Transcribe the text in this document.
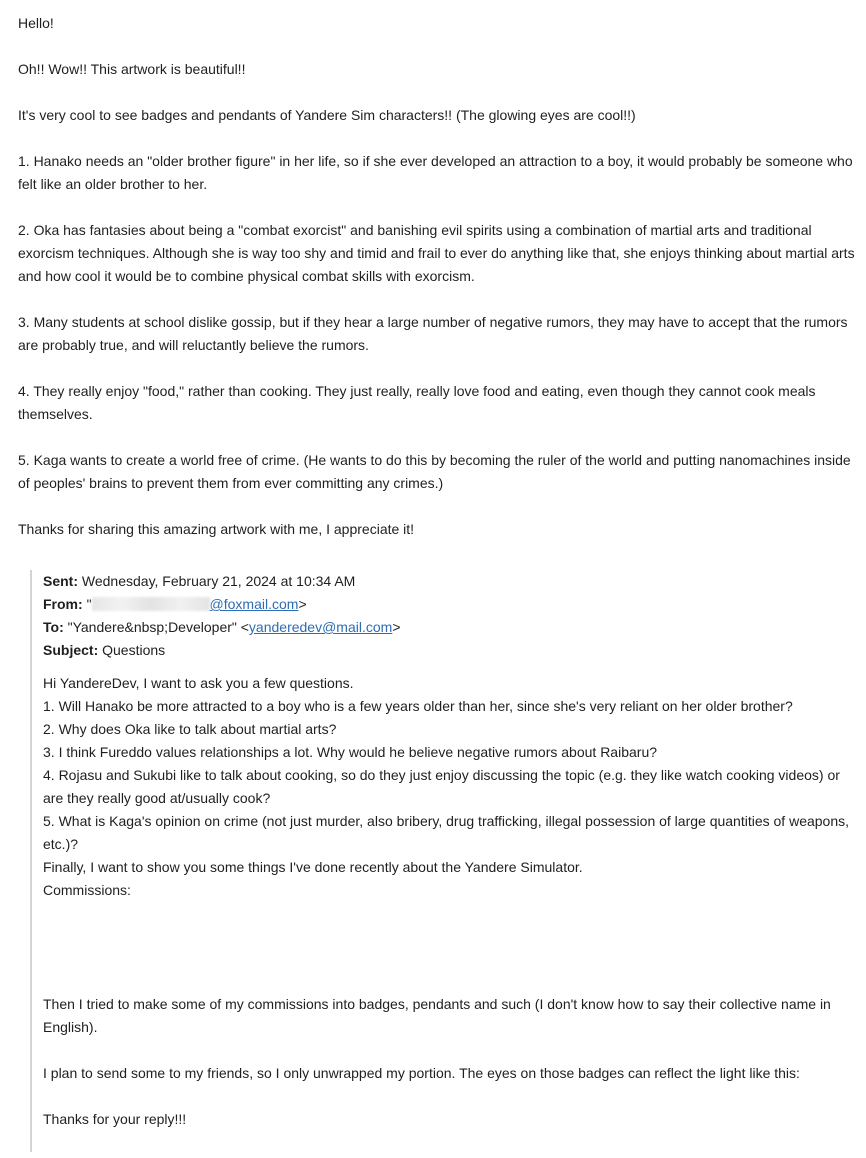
Hello!

Oh!! Wow!! This artwork is beautiful!!

It's very cool to see badges and pendants of Yandere Sim characters!! (The glowing eyes are cool!!)

1. Hanako needs an "older brother figure" in her life, so if she ever developed an attraction to a boy, it would probably be someone who felt like an older brother to her.

2. Oka has fantasies about being a "combat exorcist" and banishing evil spirits using a combination of martial arts and traditional exorcism techniques. Although she is way too shy and timid and frail to ever do anything like that, she enjoys thinking about martial arts and how cool it would be to combine physical combat skills with exorcism.

3. Many students at school dislike gossip, but if they hear a large number of negative rumors, they may have to accept that the rumors are probably true, and will reluctantly believe the rumors.

4. They really enjoy "food," rather than cooking. They just really, really love food and eating, even though they cannot cook meals themselves.

5. Kaga wants to create a world free of crime. (He wants to do this by becoming the ruler of the world and putting nanomachines inside of peoples' brains to prevent them from ever committing any crimes.)

Thanks for sharing this amazing artwork with me, I appreciate it!

Sent: Wednesday, February 21, 2024 at 10:34 AM
From: "	@foxmail.com>
To: "Yandere&nbsp;Developer" <yanderedev@mail.com>
Subject: Questions
Hi YandereDev, I want to ask you a few questions.
1. Will Hanako be more attracted to a boy who is a few years older than her, since she's very reliant on her older brother?
2. Why does Oka like to talk about martial arts?
3. I think Fureddo values relationships a lot. Why would he believe negative rumors about Raibaru?
4. Rojasu and Sukubi like to talk about cooking, so do they just enjoy discussing the topic (e.g. they like watch cooking videos) or are they really good at/usually cook?
5. What is Kaga's opinion on crime (not just murder, also bribery, drug trafficking, illegal possession of large quantities of weapons, etc.)?
Finally, I want to show you some things I've done recently about the Yandere Simulator.
Commissions:
Then I tried to make some of my commissions into badges, pendants and such (I don't know how to say their collective name in English).
I plan to send some to my friends, so I only unwrapped my portion. The eyes on those badges can reflect the light like this:
Thanks for your reply!!!
